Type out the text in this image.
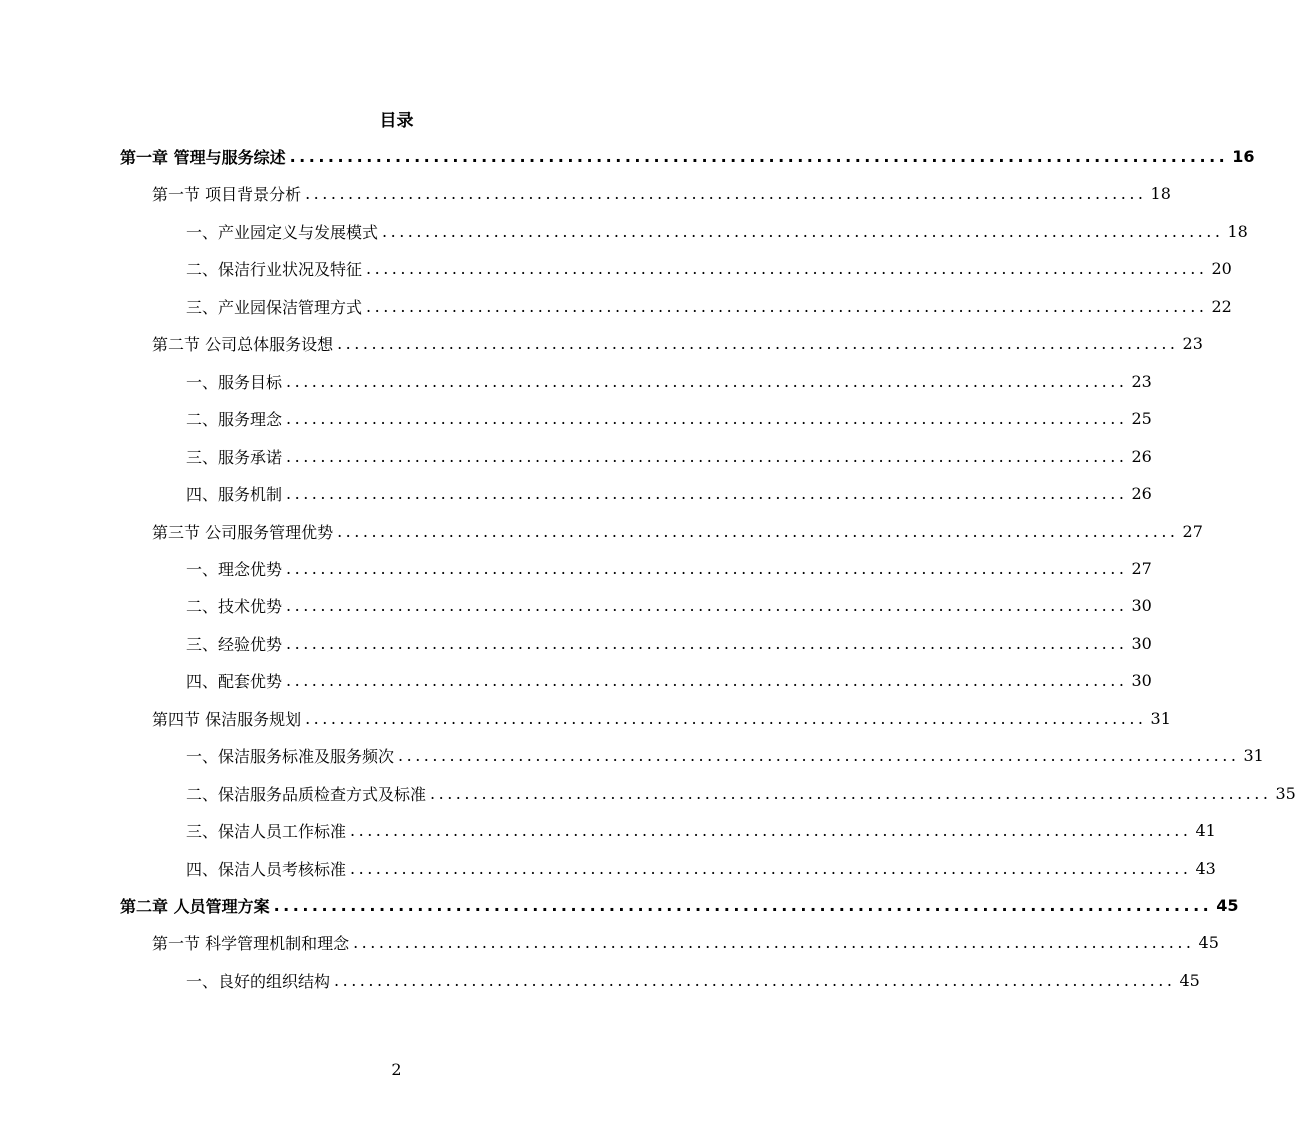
目录
第一章 管理与服务综述 .................................................................................................. 16
第一节 项目背景分析 .................................................................................................. 18
一、产业园定义与发展模式 .................................................................................................. 18
二、保洁行业状况及特征 .................................................................................................. 20
三、产业园保洁管理方式 .................................................................................................. 22
第二节 公司总体服务设想 .................................................................................................. 23
一、服务目标 .................................................................................................. 23
二、服务理念 .................................................................................................. 25
三、服务承诺 .................................................................................................. 26
四、服务机制 .................................................................................................. 26
第三节 公司服务管理优势 .................................................................................................. 27
一、理念优势 .................................................................................................. 27
二、技术优势 .................................................................................................. 30
三、经验优势 .................................................................................................. 30
四、配套优势 .................................................................................................. 30
第四节 保洁服务规划 .................................................................................................. 31
一、保洁服务标准及服务频次 .................................................................................................. 31
二、保洁服务品质检查方式及标准 .................................................................................................. 35
三、保洁人员工作标准 .................................................................................................. 41
四、保洁人员考核标准 .................................................................................................. 43
第二章 人员管理方案 .................................................................................................. 45
第一节 科学管理机制和理念 .................................................................................................. 45
一、良好的组织结构 .................................................................................................. 45
2
